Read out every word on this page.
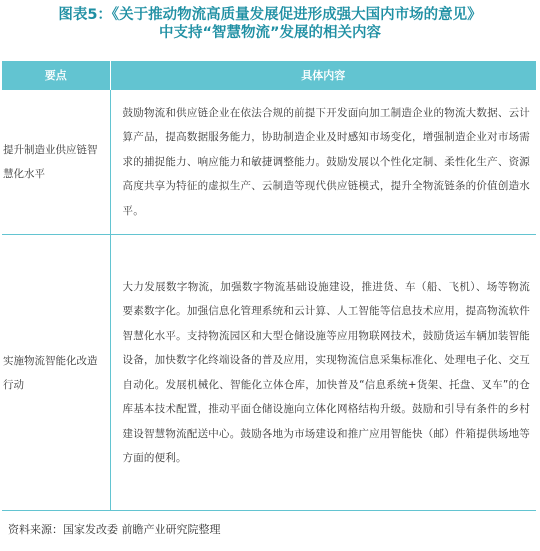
图表5：《关于推动物流高质量发展促进形成强大国内市场的意见》
中支持“智慧物流”发展的相关内容
要点	具体内容
提升制造业供应链智慧化水平	鼓励物流和供应链企业在依法合规的前提下开发面向加工制造企业的物流大数据、云计算产品，提高数据服务能力，协助制造企业及时感知市场变化，增强制造企业对市场需求的捕捉能力、响应能力和敏捷调整能力。鼓励发展以个性化定制、柔性化生产、资源高度共享为特征的虚拟生产、云制造等现代供应链模式，提升全物流链条的价值创造水平。
实施物流智能化改造行动	大力发展数字物流，加强数字物流基础设施建设，推进货、车（船、飞机）、场等物流要素数字化。加强信息化管理系统和云计算、人工智能等信息技术应用，提高物流软件智慧化水平。支持物流园区和大型仓储设施等应用物联网技术，鼓励货运车辆加装智能设备，加快数字化终端设备的普及应用，实现物流信息采集标准化、处理电子化、交互自动化。发展机械化、智能化立体仓库，加快普及“信息系统+货架、托盘、叉车”的仓库基本技术配置，推动平面仓储设施向立体化网格结构升级。鼓励和引导有条件的乡村建设智慧物流配送中心。鼓励各地为市场建设和推广应用智能快（邮）件箱提供场地等方面的便利。
资料来源：国家发改委 前瞻产业研究院整理
